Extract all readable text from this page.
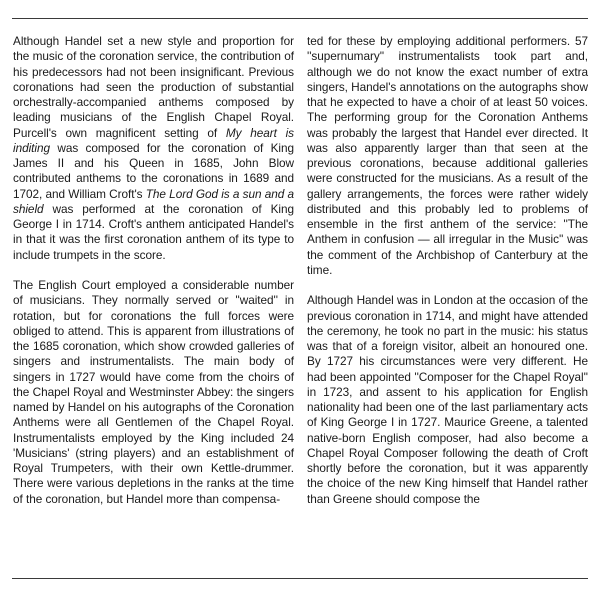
Although Handel set a new style and proportion for the music of the coronation service, the contribution of his predecessors had not been insignificant. Previous coronations had seen the production of substantial orchestrally-accompanied anthems composed by leading musicians of the English Chapel Royal. Purcell's own magnificent setting of My heart is inditing was composed for the coronation of King James II and his Queen in 1685, John Blow contributed anthems to the coronations in 1689 and 1702, and William Croft's The Lord God is a sun and a shield was performed at the coronation of King George I in 1714. Croft's anthem anticipated Handel's in that it was the first coronation anthem of its type to include trumpets in the score.

The English Court employed a considerable number of musicians. They normally served or ''waited'' in rotation, but for coronations the full forces were obliged to attend. This is apparent from illustrations of the 1685 coronation, which show crowded galleries of singers and instrumentalists. The main body of singers in 1727 would have come from the choirs of the Chapel Royal and Westminster Abbey: the singers named by Handel on his autographs of the Coronation Anthems were all Gentlemen of the Chapel Royal. Instrumentalists employed by the King included 24 'Musicians' (string players) and an establishment of Royal Trumpeters, with their own Kettle-drummer. There were various depletions in the ranks at the time of the coronation, but Handel more than compensa-

ted for these by employing additional performers. 57 ''supernumary'' instrumentalists took part and, although we do not know the exact number of extra singers, Handel's annotations on the autographs show that he expected to have a choir of at least 50 voices. The performing group for the Coronation Anthems was probably the largest that Handel ever directed. It was also apparently larger than that seen at the previous coronations, because additional galleries were constructed for the musicians. As a result of the gallery arrangements, the forces were rather widely distributed and this probably led to problems of ensemble in the first anthem of the service: ''The Anthem in confusion — all irregular in the Music'' was the comment of the Archbishop of Canterbury at the time.

Although Handel was in London at the occasion of the previous coronation in 1714, and might have attended the ceremony, he took no part in the music: his status was that of a foreign visitor, albeit an honoured one. By 1727 his circumstances were very different. He had been appointed ''Composer for the Chapel Royal'' in 1723, and assent to his application for English nationality had been one of the last parliamentary acts of King George I in 1727. Maurice Greene, a talented native-born English composer, had also become a Chapel Royal Composer following the death of Croft shortly before the coronation, but it was apparently the choice of the new King himself that Handel rather than Greene should compose the
